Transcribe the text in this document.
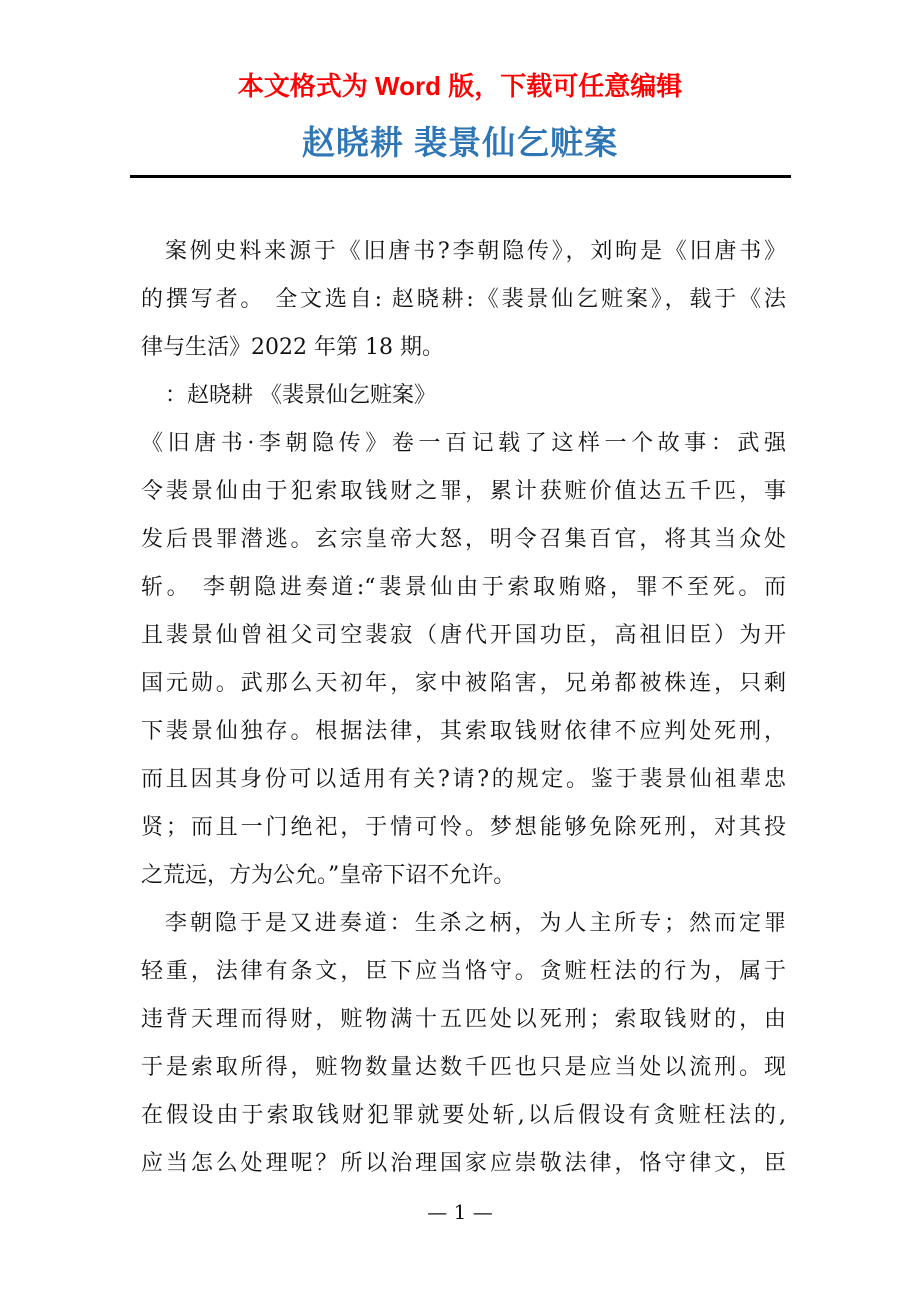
本文格式为 Word 版，下载可任意编辑
赵晓耕 裴景仙乞赃案
案例史料来源于《旧唐书?李朝隐传》，刘昫是《旧唐书》
的撰写者。 全文选自: 赵晓耕:《裴景仙乞赃案》，载于《法
律与生活》2022 年第 18 期。
：赵晓耕 《裴景仙乞赃案》
《旧唐书·李朝隐传》卷一百记载了这样一个故事：武强
令裴景仙由于犯索取钱财之罪，累计获赃价值达五千匹，事
发后畏罪潜逃。玄宗皇帝大怒，明令召集百官，将其当众处
斩。 李朝隐进奏道:“裴景仙由于索取贿赂，罪不至死。而
且裴景仙曾祖父司空裴寂（唐代开国功臣，高祖旧臣）为开
国元勋。武那么天初年，家中被陷害，兄弟都被株连，只剩
下裴景仙独存。根据法律，其索取钱财依律不应判处死刑，
而且因其身份可以适用有关?请?的规定。鉴于裴景仙祖辈忠
贤；而且一门绝祀，于情可怜。梦想能够免除死刑，对其投
之荒远，方为公允。”皇帝下诏不允许。
李朝隐于是又进奏道：生杀之柄，为人主所专；然而定罪
轻重，法律有条文，臣下应当恪守。贪赃枉法的行为，属于
违背天理而得财，赃物满十五匹处以死刑；索取钱财的，由
于是索取所得，赃物数量达数千匹也只是应当处以流刑。现
在假设由于索取钱财犯罪就要处斩,以后假设有贪赃枉法的,
应当怎么处理呢？所以治理国家应崇敬法律，恪守律文，臣
— 1 —
